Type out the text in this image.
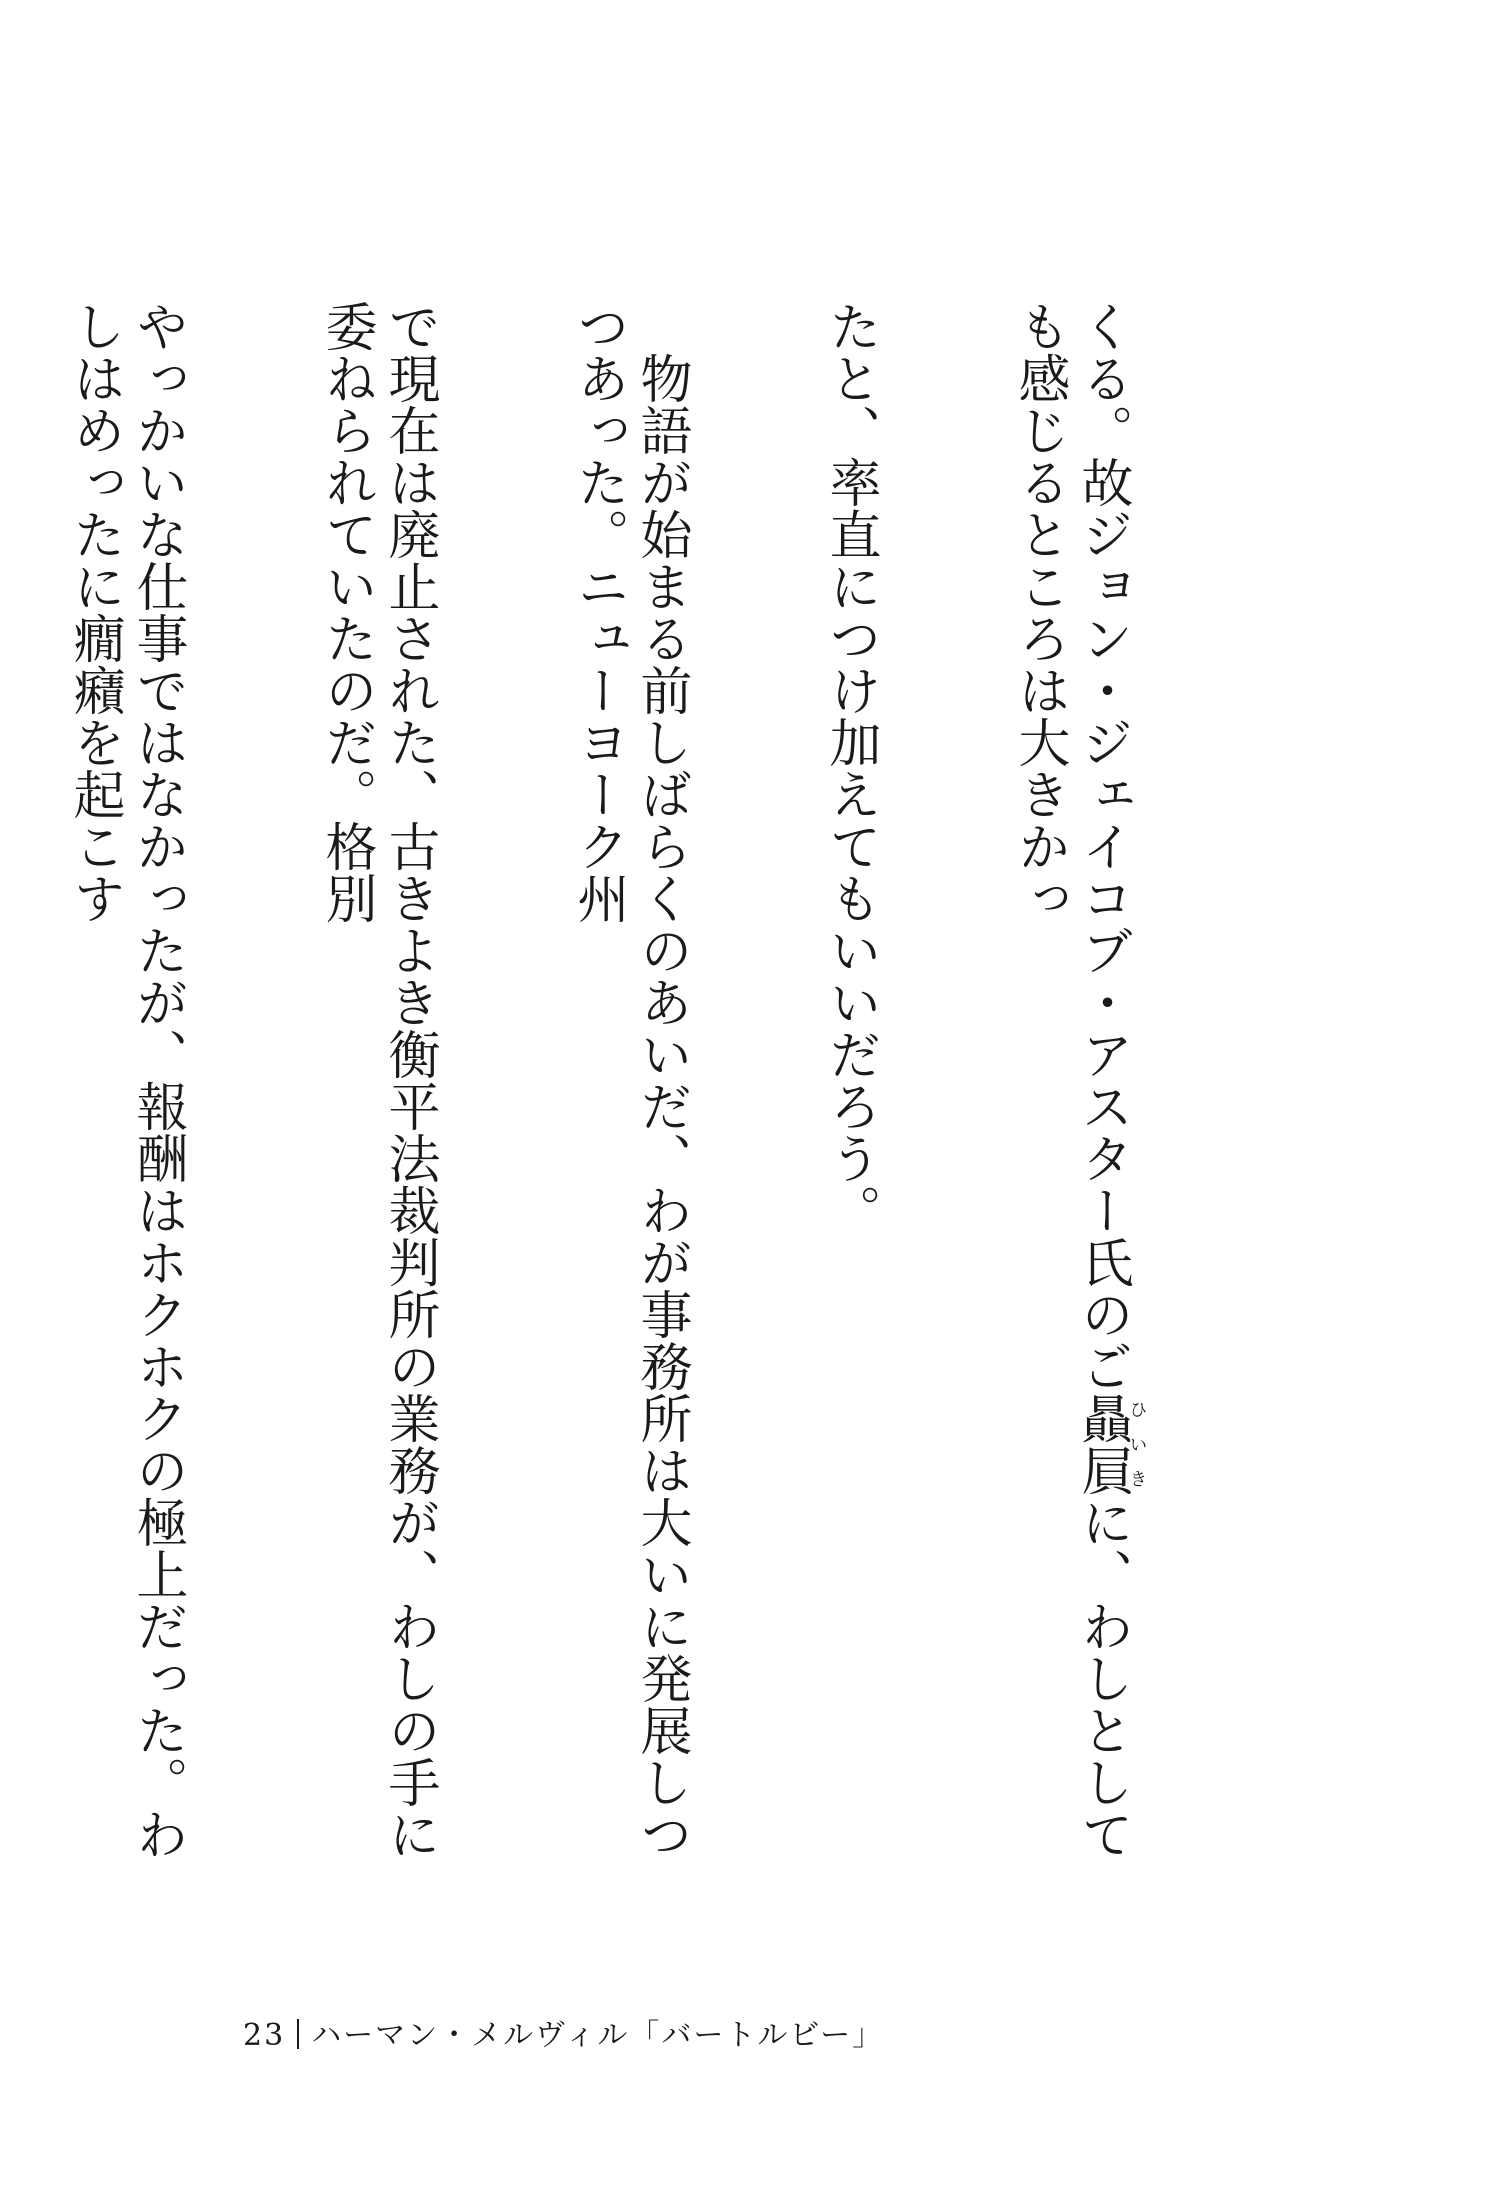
くる。故ジョン・ジェイコブ・アスター氏のご贔屓ひいきに、わしとしても感じるところは大きかっ

たと、率直につけ加えてもいいだろう。

物語が始まる前しばらくのあいだ、わが事務所は大いに発展しつつあった。ニューヨーク州

で現在は廃止された、古きよき衡平法裁判所の業務が、わしの手に委ねられていたのだ。格別

やっかいな仕事ではなかったが、報酬はホクホクの極上だった。わしはめったに癇癪を起こす

23 ハーマン・メルヴィル「バートルビー」
